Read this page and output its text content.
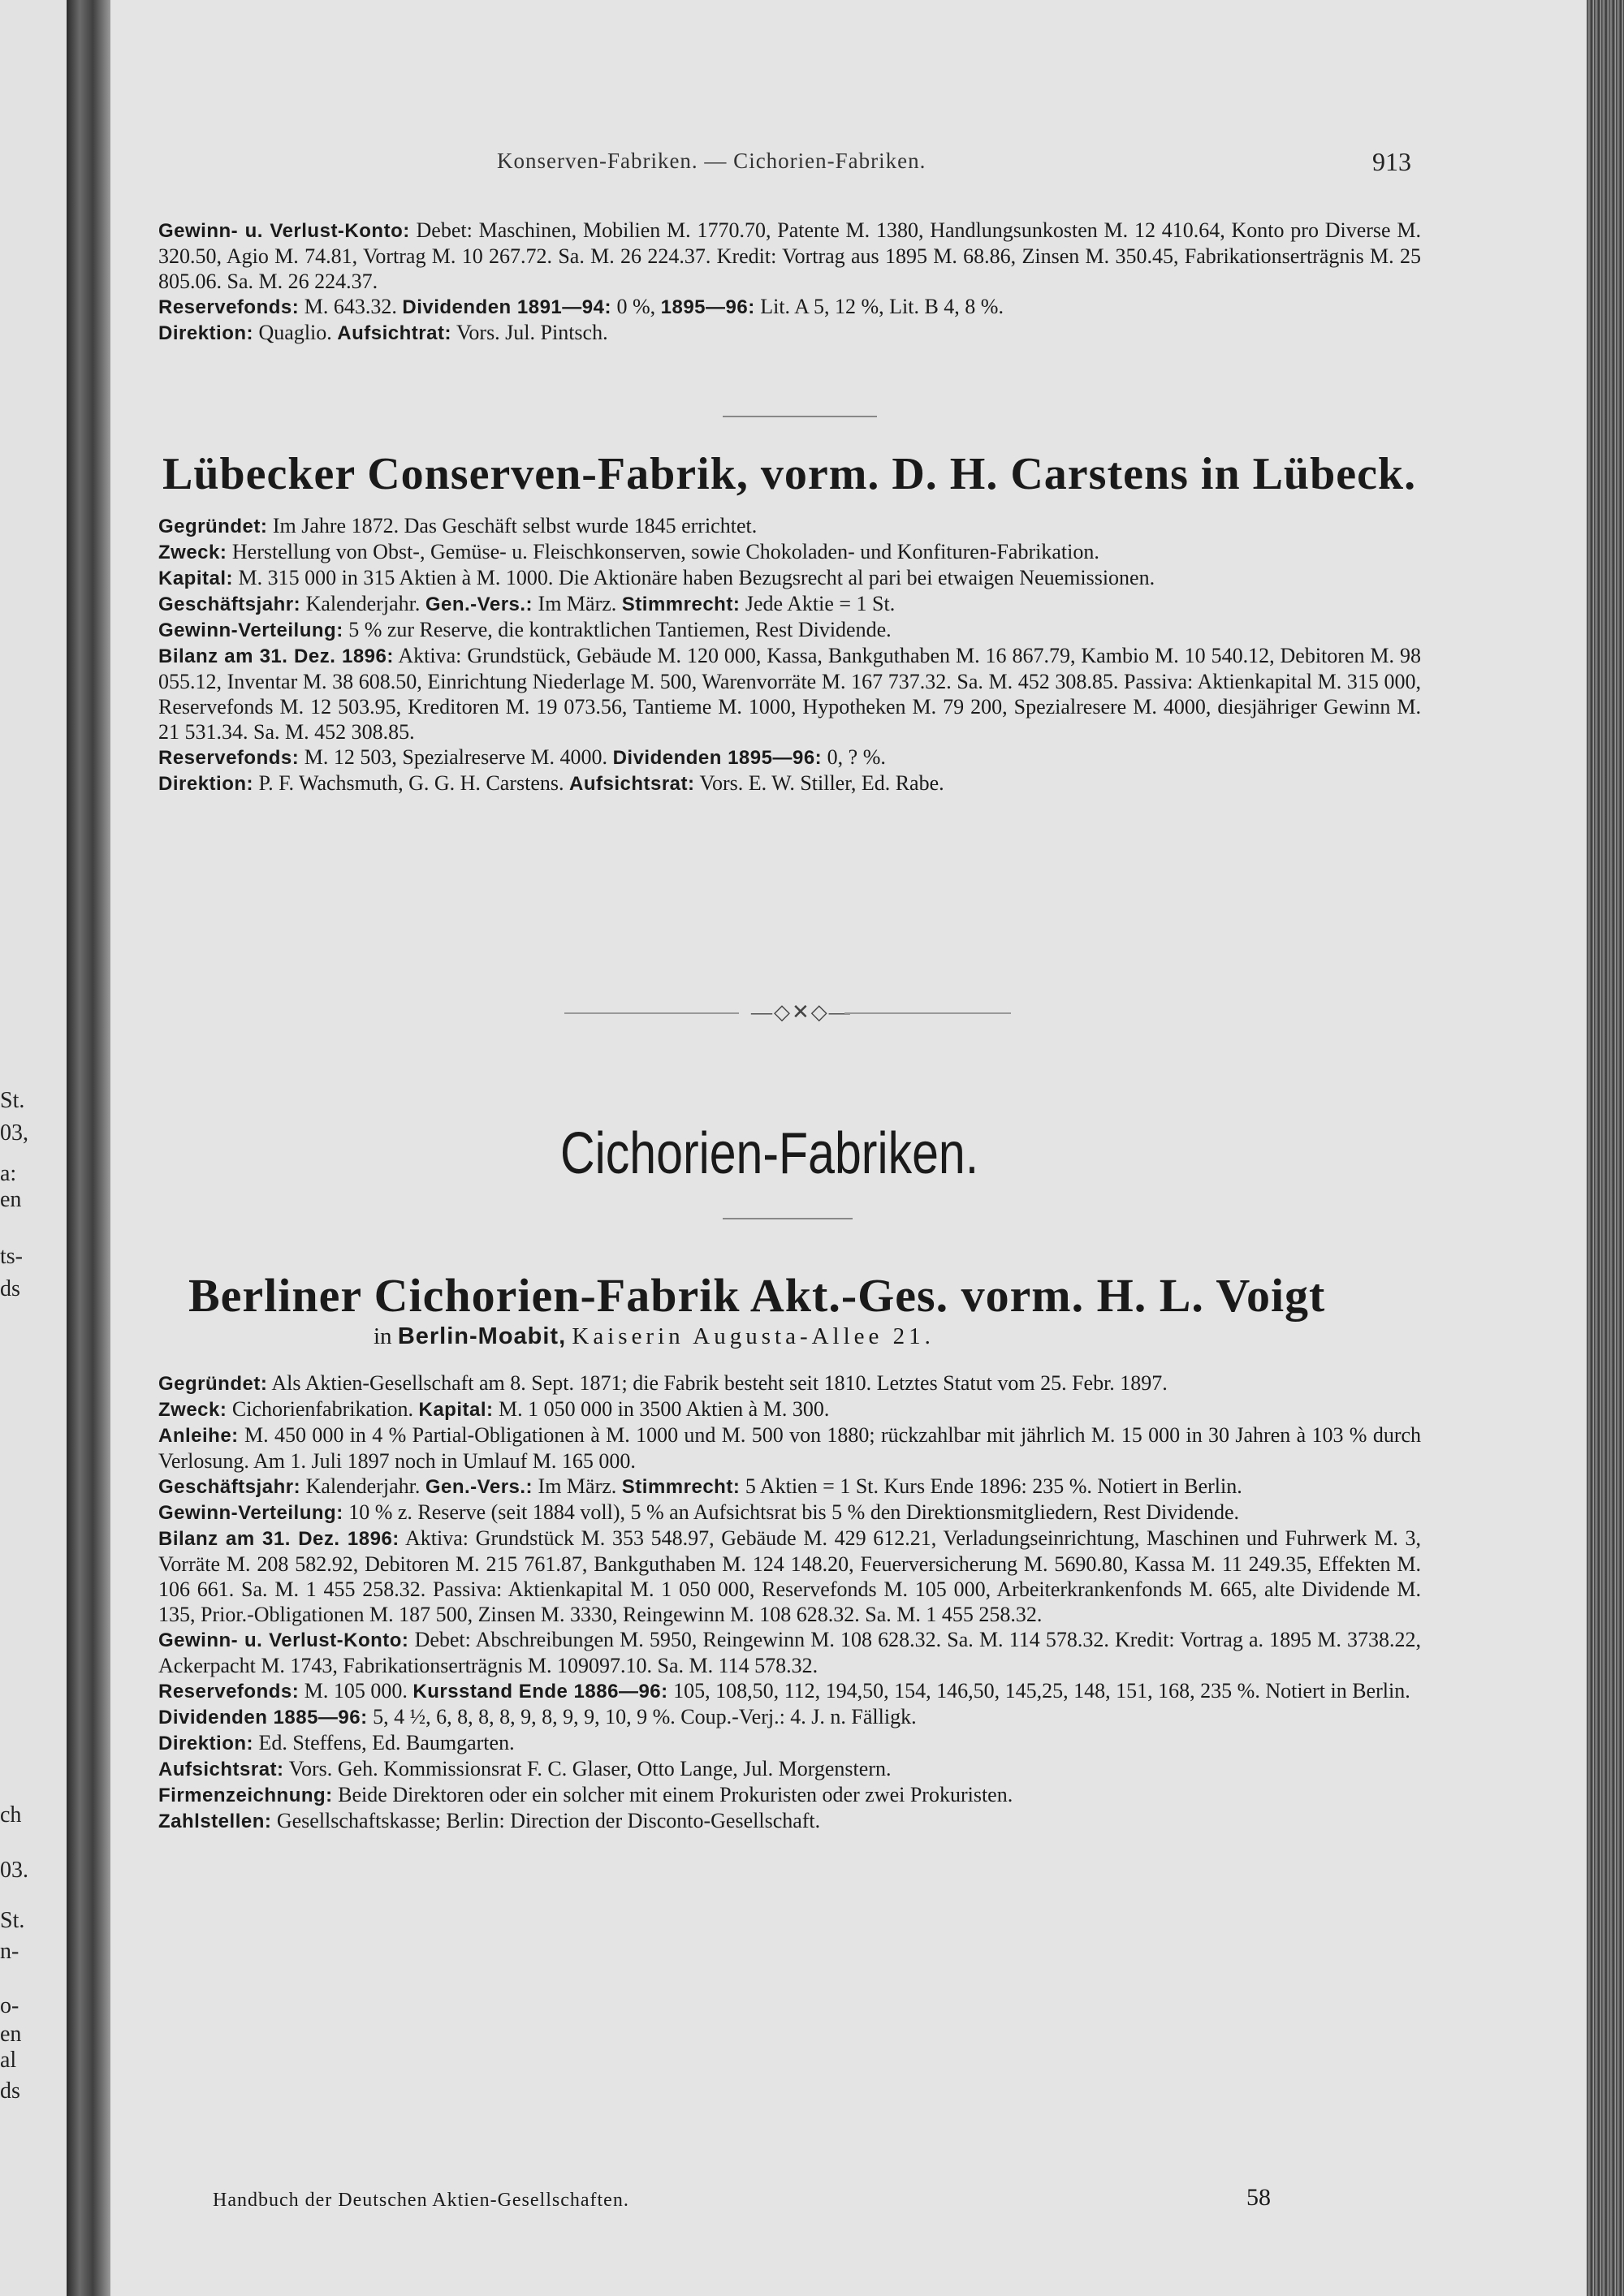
St.
03,
a:
en
ts-
ds
ch
03.
St.
n-
o-
en
al
ds
Konserven-Fabriken. — Cichorien-Fabriken.	913

Gewinn- u. Verlust-Konto: Debet: Maschinen, Mobilien M. 1770.70, Patente M. 1380, Handlungsunkosten M. 12 410.64, Konto pro Diverse M. 320.50, Agio M. 74.81, Vortrag M. 10 267.72. Sa. M. 26 224.37. Kredit: Vortrag aus 1895 M. 68.86, Zinsen M. 350.45, Fabrikationserträgnis M. 25 805.06. Sa. M. 26 224.37.

Reservefonds: M. 643.32. Dividenden 1891—94: 0 %, 1895—96: Lit. A 5, 12 %, Lit. B 4, 8 %.

Direktion: Quaglio. Aufsichtrat: Vors. Jul. Pintsch.

Lübecker Conserven-Fabrik, vorm. D. H. Carstens in Lübeck.

Gegründet: Im Jahre 1872. Das Geschäft selbst wurde 1845 errichtet.

Zweck: Herstellung von Obst-, Gemüse- u. Fleischkonserven, sowie Chokoladen- und Konfituren-Fabrikation.

Kapital: M. 315 000 in 315 Aktien à M. 1000. Die Aktionäre haben Bezugsrecht al pari bei etwaigen Neuemissionen.

Geschäftsjahr: Kalenderjahr. Gen.-Vers.: Im März. Stimmrecht: Jede Aktie = 1 St.

Gewinn-Verteilung: 5 % zur Reserve, die kontraktlichen Tantiemen, Rest Dividende.

Bilanz am 31. Dez. 1896: Aktiva: Grundstück, Gebäude M. 120 000, Kassa, Bankguthaben M. 16 867.79, Kambio M. 10 540.12, Debitoren M. 98 055.12, Inventar M. 38 608.50, Einrichtung Niederlage M. 500, Warenvorräte M. 167 737.32. Sa. M. 452 308.85. Passiva: Aktienkapital M. 315 000, Reservefonds M. 12 503.95, Kreditoren M. 19 073.56, Tantieme M. 1000, Hypotheken M. 79 200, Spezialresere M. 4000, diesjähriger Gewinn M. 21 531.34. Sa. M. 452 308.85.

Reservefonds: M. 12 503, Spezialreserve M. 4000. Dividenden 1895—96: 0, ? %.

Direktion: P. F. Wachsmuth, G. G. H. Carstens. Aufsichtsrat: Vors. E. W. Stiller, Ed. Rabe.

—◇✕◇—
Cichorien-Fabriken.
Berliner Cichorien-Fabrik Akt.-Ges. vorm. H. L. Voigt
in Berlin-Moabit, Kaiserin Augusta-Allee 21.

Gegründet: Als Aktien-Gesellschaft am 8. Sept. 1871; die Fabrik besteht seit 1810. Letztes Statut vom 25. Febr. 1897.

Zweck: Cichorienfabrikation. Kapital: M. 1 050 000 in 3500 Aktien à M. 300.

Anleihe: M. 450 000 in 4 % Partial-Obligationen à M. 1000 und M. 500 von 1880; rückzahlbar mit jährlich M. 15 000 in 30 Jahren à 103 % durch Verlosung. Am 1. Juli 1897 noch in Umlauf M. 165 000.

Geschäftsjahr: Kalenderjahr. Gen.-Vers.: Im März. Stimmrecht: 5 Aktien = 1 St. Kurs Ende 1896: 235 %. Notiert in Berlin.

Gewinn-Verteilung: 10 % z. Reserve (seit 1884 voll), 5 % an Aufsichtsrat bis 5 % den Direktionsmitgliedern, Rest Dividende.

Bilanz am 31. Dez. 1896: Aktiva: Grundstück M. 353 548.97, Gebäude M. 429 612.21, Verladungseinrichtung, Maschinen und Fuhrwerk M. 3, Vorräte M. 208 582.92, Debitoren M. 215 761.87, Bankguthaben M. 124 148.20, Feuerversicherung M. 5690.80, Kassa M. 11 249.35, Effekten M. 106 661. Sa. M. 1 455 258.32. Passiva: Aktienkapital M. 1 050 000, Reservefonds M. 105 000, Arbeiterkrankenfonds M. 665, alte Dividende M. 135, Prior.-Obligationen M. 187 500, Zinsen M. 3330, Reingewinn M. 108 628.32. Sa. M. 1 455 258.32.

Gewinn- u. Verlust-Konto: Debet: Abschreibungen M. 5950, Reingewinn M. 108 628.32. Sa. M. 114 578.32. Kredit: Vortrag a. 1895 M. 3738.22, Ackerpacht M. 1743, Fabrikationserträgnis M. 109097.10. Sa. M. 114 578.32.

Reservefonds: M. 105 000. Kursstand Ende 1886—96: 105, 108,50, 112, 194,50, 154, 146,50, 145,25, 148, 151, 168, 235 %. Notiert in Berlin.

Dividenden 1885—96: 5, 4 ½, 6, 8, 8, 8, 9, 8, 9, 9, 10, 9 %. Coup.-Verj.: 4. J. n. Fälligk.

Direktion: Ed. Steffens, Ed. Baumgarten.

Aufsichtsrat: Vors. Geh. Kommissionsrat F. C. Glaser, Otto Lange, Jul. Morgenstern.

Firmenzeichnung: Beide Direktoren oder ein solcher mit einem Prokuristen oder zwei Prokuristen.

Zahlstellen: Gesellschaftskasse; Berlin: Direction der Disconto-Gesellschaft.

Handbuch der Deutschen Aktien-Gesellschaften.	58
